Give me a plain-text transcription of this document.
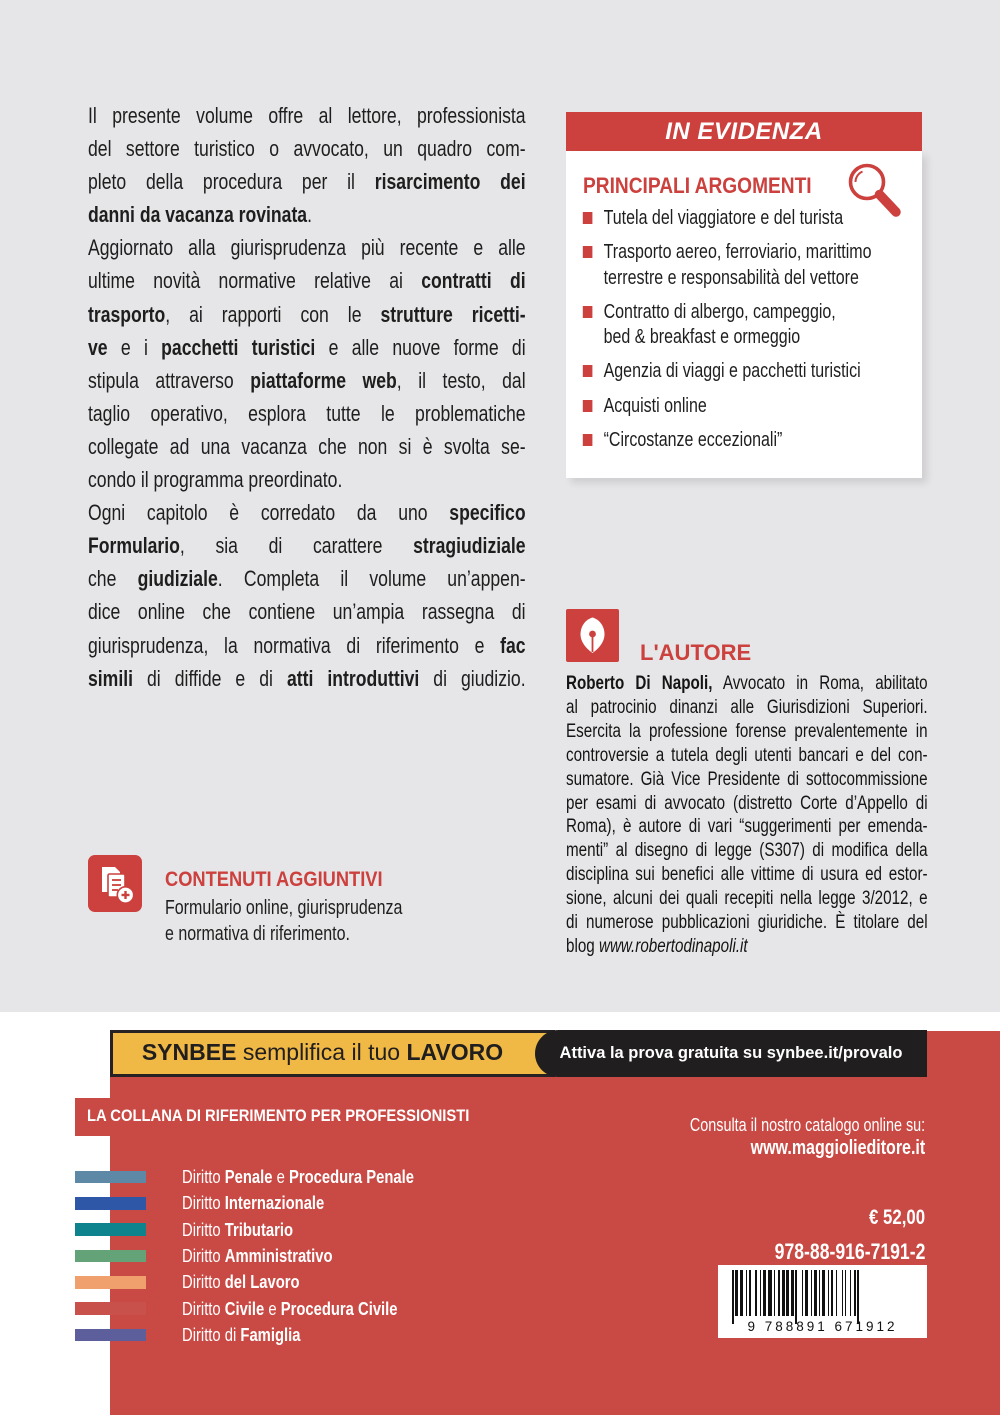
Il presente volume offre al lettore, professionista
del settore turistico o avvocato, un quadro com-
pleto della procedura per il risarcimento dei
danni da vacanza rovinata.
Aggiornato alla giurisprudenza più recente e alle
ultime novità normative relative ai contratti di
trasporto, ai rapporti con le strutture ricetti-
ve e i pacchetti turistici e alle nuove forme di
stipula attraverso piattaforme web, il testo, dal
taglio operativo, esplora tutte le problematiche
collegate ad una vacanza che non si è svolta se-
condo il programma preordinato.
Ogni capitolo è corredato da uno specifico
Formulario, sia di carattere stragiudiziale
che giudiziale. Completa il volume un’appen-
dice online che contiene un’ampia rassegna di
giurisprudenza, la normativa di riferimento e fac
simili di diffide e di atti introduttivi di giudizio.
IN EVIDENZA
PRINCIPALI ARGOMENTI
Tutela del viaggiatore e del turista
Trasporto aereo, ferroviario, marittimo
terrestre e responsabilità del vettore
Contratto di albergo, campeggio,
bed & breakfast e ormeggio
Agenzia di viaggi e pacchetti turistici
Acquisti online
“Circostanze eccezionali”
L'AUTORE
Roberto Di Napoli, Avvocato in Roma, abilitato
al patrocinio dinanzi alle Giurisdizioni Superiori.
Esercita la professione forense prevalentemente in
controversie a tutela degli utenti bancari e del con-
sumatore. Già Vice Presidente di sottocommissione
per esami di avvocato (distretto Corte d’Appello di
Roma), è autore di vari “suggerimenti per emenda-
menti” al disegno di legge (S307) di modifica della
disciplina sui benefici alle vittime di usura ed estor-
sione, alcuni dei quali recepiti nella legge 3/2012, e
di numerose pubblicazioni giuridiche. È titolare del
blog www.robertodinapoli.it
CONTENUTI AGGIUNTIVI
Formulario online, giurisprudenza
e normativa di riferimento.
SYNBEE semplifica il tuo LAVORO	Attiva la prova gratuita su synbee.it/provalo
LA COLLANA DI RIFERIMENTO PER PROFESSIONISTI
Diritto Penale e Procedura Penale
Diritto Internazionale
Diritto Tributario
Diritto Amministrativo
Diritto del Lavoro
Diritto Civile e Procedura Civile
Diritto di Famiglia
Consulta il nostro catalogo online su:
www.maggiolieditore.it
€ 52,00
978-88-916-7191-2
9 788891 671912
